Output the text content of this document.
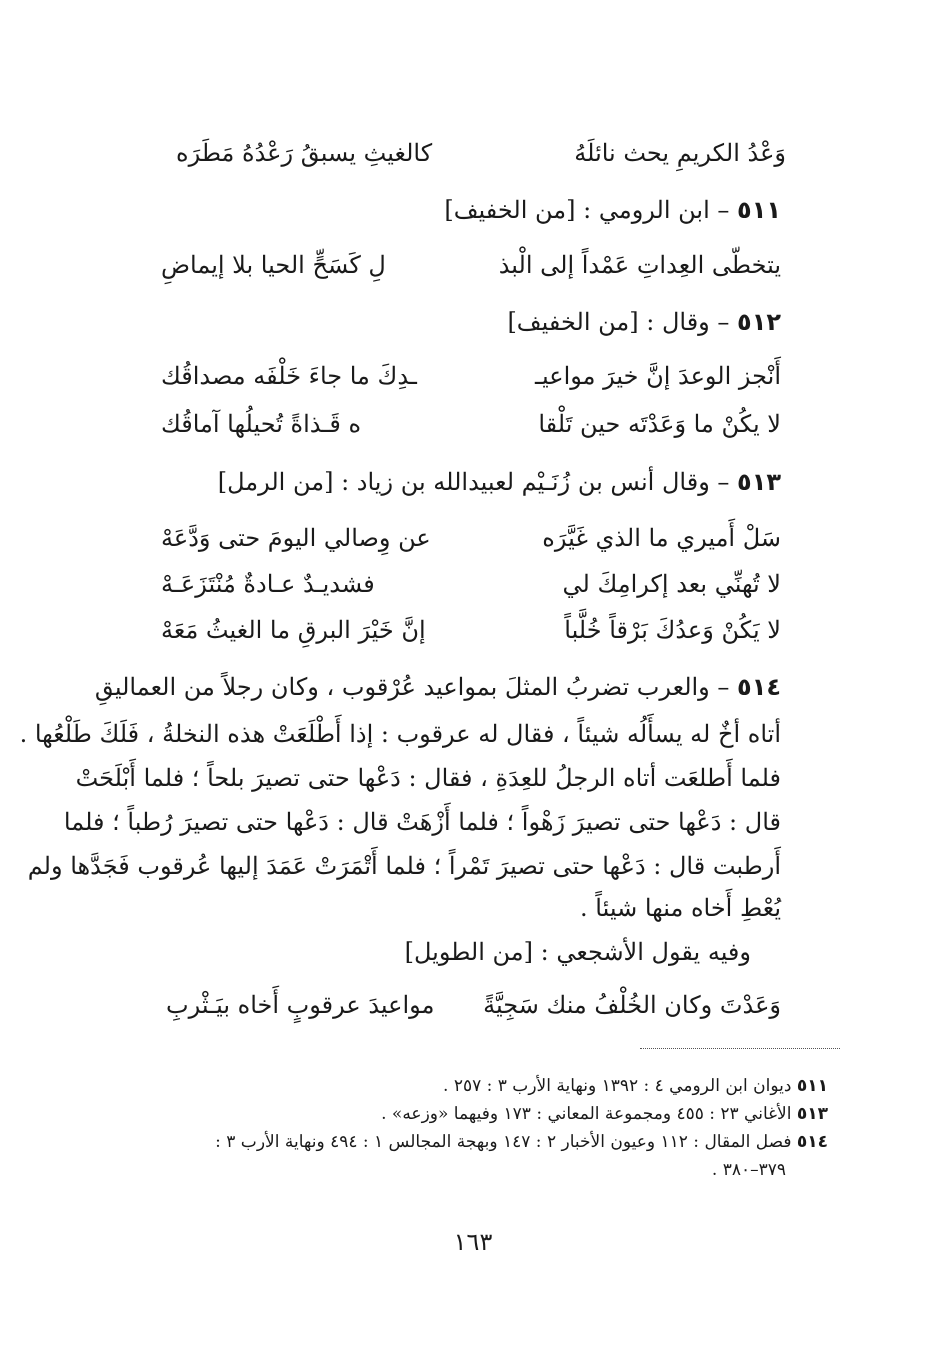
وَعْدُ الكريمِ يحث نائلَهُ
كالغيثِ يسبقُ رَعْدُهُ مَطَرَه
٥١١ – ابن الرومي : [من الخفيف]
يتخطّى العِداتِ عَمْداً إلى الْبذ
لِ كَسَحٍّ الحيا بلا إيماضِ
٥١٢ – وقال : [من الخفيف]
أَنْجز الوعدَ إنَّ خيرَ مواعيـ
ـدِكَ ما جاءَ خَلْفَه مصداقُك
لا يكُنْ ما وَعَدْتَه حين تَلْقا
ه قَـذاةً تُحيلُها آماقُك
٥١٣ – وقال أنس بن زُنَـيْم لعبيدالله بن زياد : [من الرمل]
سَلْ أَميري ما الذي غَيَّرَه
عن وِصالي اليومَ حتى وَدَّعَهْ
لا تُهنِّي بعد إكرامِكَ لي
فشديـدٌ عـادةٌ مُنْتَزَعَـهْ
لا يَكُنْ وَعدُكَ بَرْقاً خُلَّباً
إنَّ خَيْرَ البرقِ ما الغيثُ مَعَهْ
٥١٤ – والعرب تضربُ المثلَ بمواعيد عُرْقوب ، وكان رجلاً من العماليقِ
أتاه أخٌ له يسأَلُه شيئاً ، فقال له عرقوب : إذا أَطْلَعَتْ هذه النخلةُ ، فَلَكَ طَلْعُها .
فلما أَطلعَت أتاه الرجلُ للعِدَةِ ، فقال : دَعْها حتى تصيرَ بلحاً ؛ فلما أَبْلَحَتْ
قال : دَعْها حتى تصيرَ زَهْواً ؛ فلما أَزْهَتْ قال : دَعْها حتى تصيرَ رُطباً ؛ فلما
أَرطبت قال : دَعْها حتى تصيرَ تَمْراً ؛ فلما أَتْمَرَتْ عَمَدَ إليها عُرقوب فَجَدَّها ولم
يُعْطِ أَخاه منها شيئاً .
وفيه يقول الأشجعي : [من الطويل]
وَعَدْتَ وكان الخُلْفُ منك سَجِيَّةً
مواعيدَ عرقوبٍ أَخاه بيَـثْربِ
٥١١ ديوان ابن الرومي ٤ : ١٣٩٢ ونهاية الأرب ٣ : ٢٥٧ .
٥١٣ الأغاني ٢٣ : ٤٥٥ ومجموعة المعاني : ١٧٣ وفيهما «وزعه» .
٥١٤ فصل المقال : ١١٢ وعيون الأخبار ٢ : ١٤٧ وبهجة المجالس ١ : ٤٩٤ ونهاية الأرب ٣ :
٣٧٩–٣٨٠ .
١٦٣
